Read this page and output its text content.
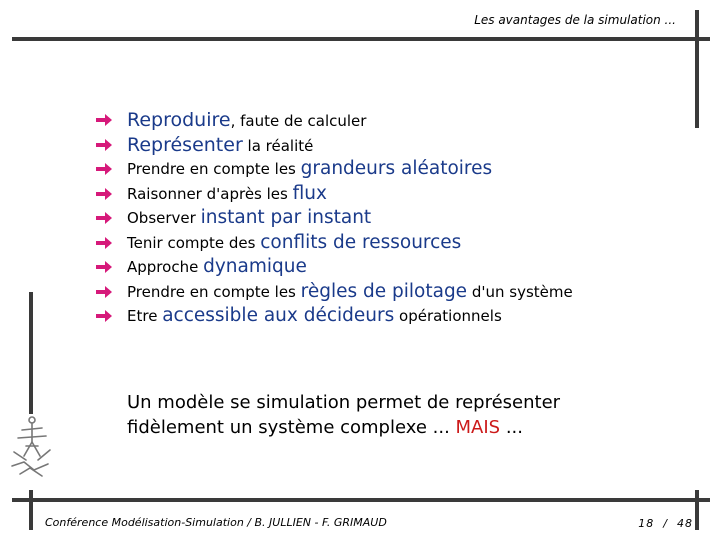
Les avantages de la simulation ...
Reproduire, faute de calculer
Représenter la réalité
Prendre en compte les grandeurs aléatoires
Raisonner d'après les flux
Observer instant par instant
Tenir compte des conflits de ressources
Approche dynamique
Prendre en compte les règles de pilotage d'un système
Etre accessible aux décideurs opérationnels
Un modèle se simulation permet de représenter
fidèlement un système complexe ... MAIS ...
Conférence Modélisation-Simulation / B. JULLIEN - F. GRIMAUD	18 / 48
